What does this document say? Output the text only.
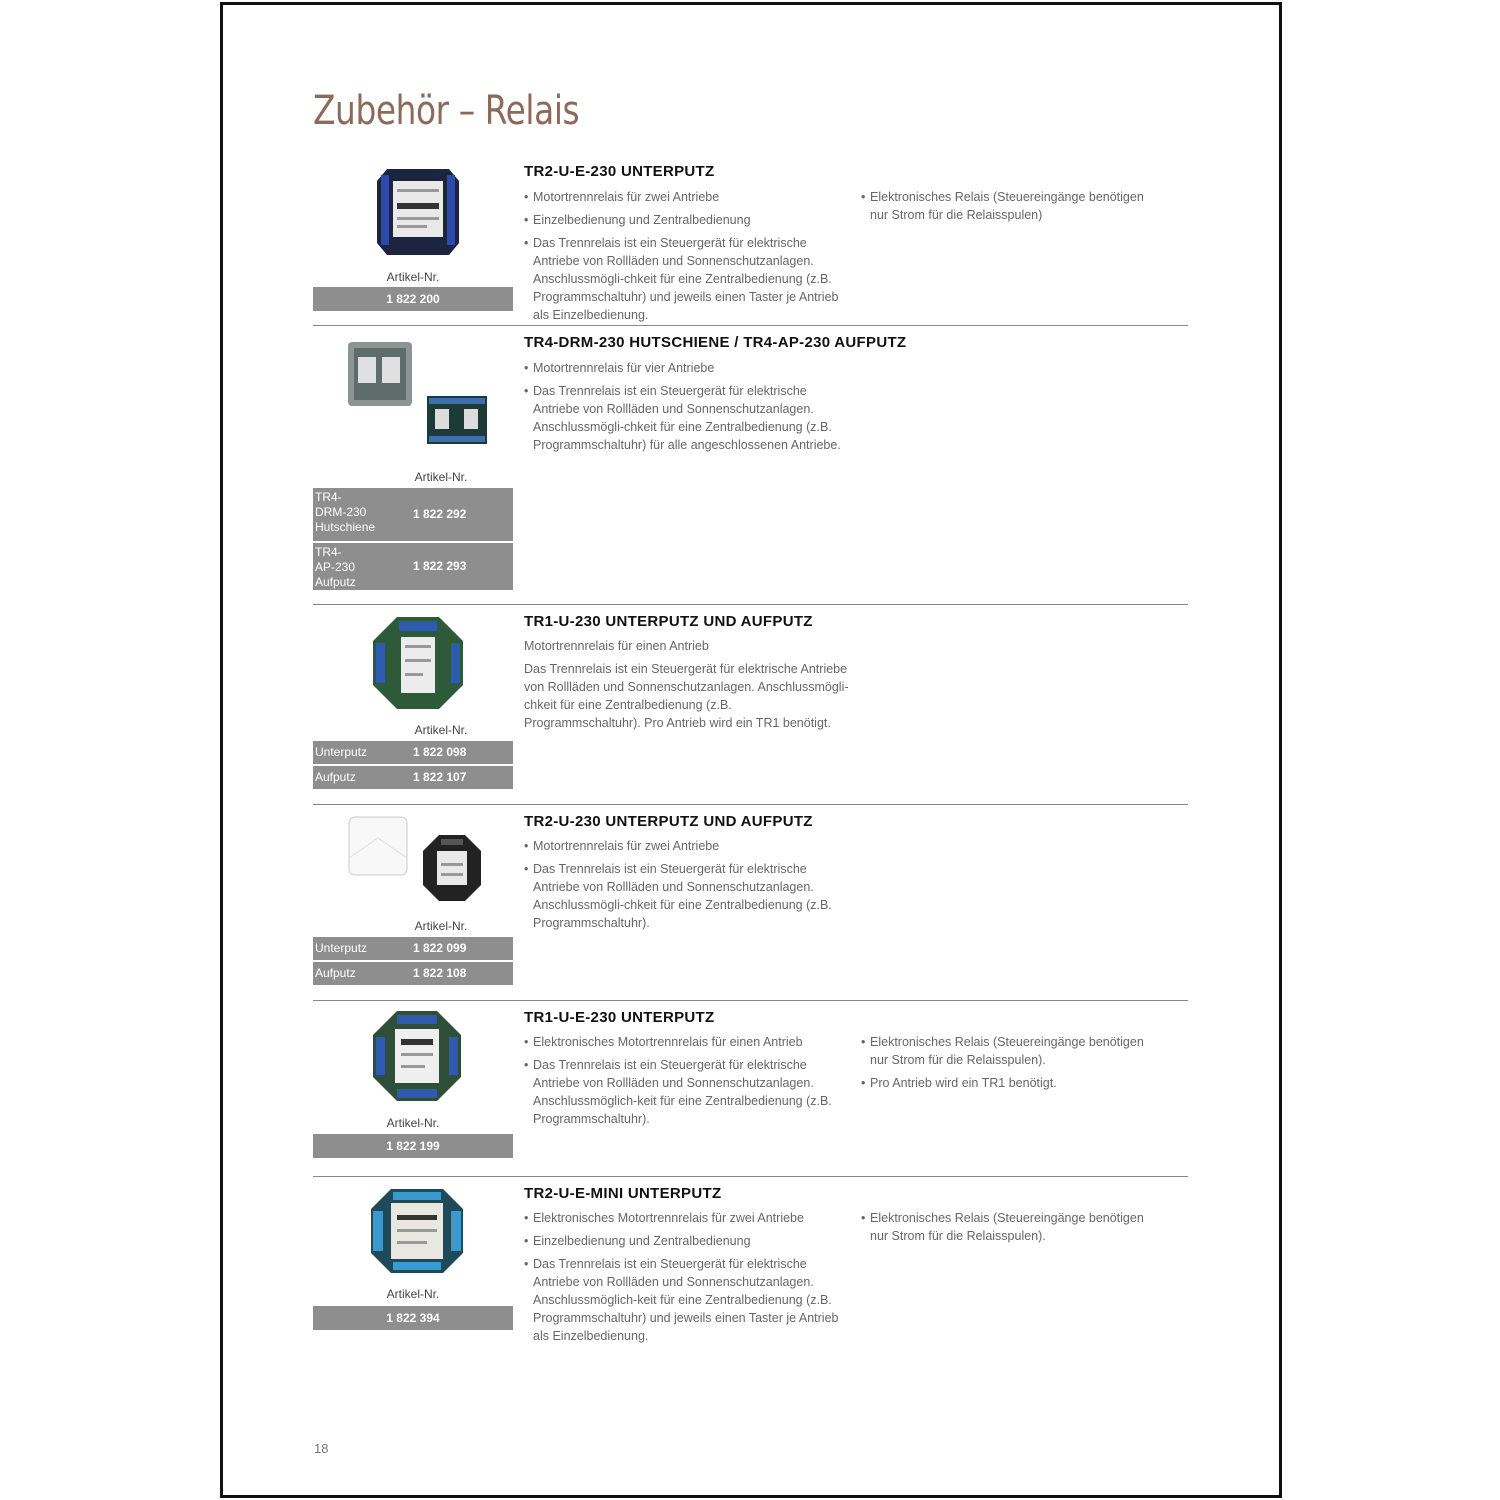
Zubehör – Relais
Artikel-Nr.
1 822 200
TR2-U-E-230 UNTERPUTZ
• Motortrennrelais für zwei Antriebe
• Einzelbedienung und Zentralbedienung
• Das Trennrelais ist ein Steuergerät für elektrische Antriebe von Rollläden und Sonnenschutzanlagen. Anschlussmögli-chkeit für eine Zentralbedienung (z.B. Programmschaltuhr) und jeweils einen Taster je Antrieb als Einzelbedienung.
• Elektronisches Relais (Steuereingänge benötigen nur Strom für die Relaisspulen)
Artikel-Nr.
TR4-
DRM-230
Hutschiene
1 822 292
TR4-
AP-230
Aufputz
1 822 293
TR4-DRM-230 HUTSCHIENE / TR4-AP-230 AUFPUTZ
• Motortrennrelais für vier Antriebe
• Das Trennrelais ist ein Steuergerät für elektrische Antriebe von Rollläden und Sonnenschutzanlagen. Anschlussmögli-chkeit für eine Zentralbedienung (z.B. Programmschaltuhr) für alle angeschlossenen Antriebe.
Artikel-Nr.
Unterputz	1 822 098
Aufputz	1 822 107
TR1-U-230 UNTERPUTZ UND AUFPUTZ

Motortrennrelais für einen Antrieb

Das Trennrelais ist ein Steuergerät für elektrische Antriebe von Rollläden und Sonnenschutzanlagen. Anschlussmögli-chkeit für eine Zentralbedienung (z.B. Programmschaltuhr). Pro Antrieb wird ein TR1 benötigt.

Artikel-Nr.
Unterputz	1 822 099
Aufputz	1 822 108
TR2-U-230 UNTERPUTZ UND AUFPUTZ
• Motortrennrelais für zwei Antriebe
• Das Trennrelais ist ein Steuergerät für elektrische Antriebe von Rollläden und Sonnenschutzanlagen. Anschlussmögli-chkeit für eine Zentralbedienung (z.B. Programmschaltuhr).
Artikel-Nr.
1 822 199
TR1-U-E-230 UNTERPUTZ
• Elektronisches Motortrennrelais für einen Antrieb
• Das Trennrelais ist ein Steuergerät für elektrische Antriebe von Rollläden und Sonnenschutzanlagen. Anschlussmöglich-keit für eine Zentralbedienung (z.B. Programmschaltuhr).
• Elektronisches Relais (Steuereingänge benötigen nur Strom für die Relaisspulen).
• Pro Antrieb wird ein TR1 benötigt.
Artikel-Nr.
1 822 394
TR2-U-E-MINI UNTERPUTZ
• Elektronisches Motortrennrelais für zwei Antriebe
• Einzelbedienung und Zentralbedienung
• Das Trennrelais ist ein Steuergerät für elektrische Antriebe von Rollläden und Sonnenschutzanlagen. Anschlussmöglich-keit für eine Zentralbedienung (z.B. Programmschaltuhr) und jeweils einen Taster je Antrieb als Einzelbedienung.
• Elektronisches Relais (Steuereingänge benötigen nur Strom für die Relaisspulen).
18
